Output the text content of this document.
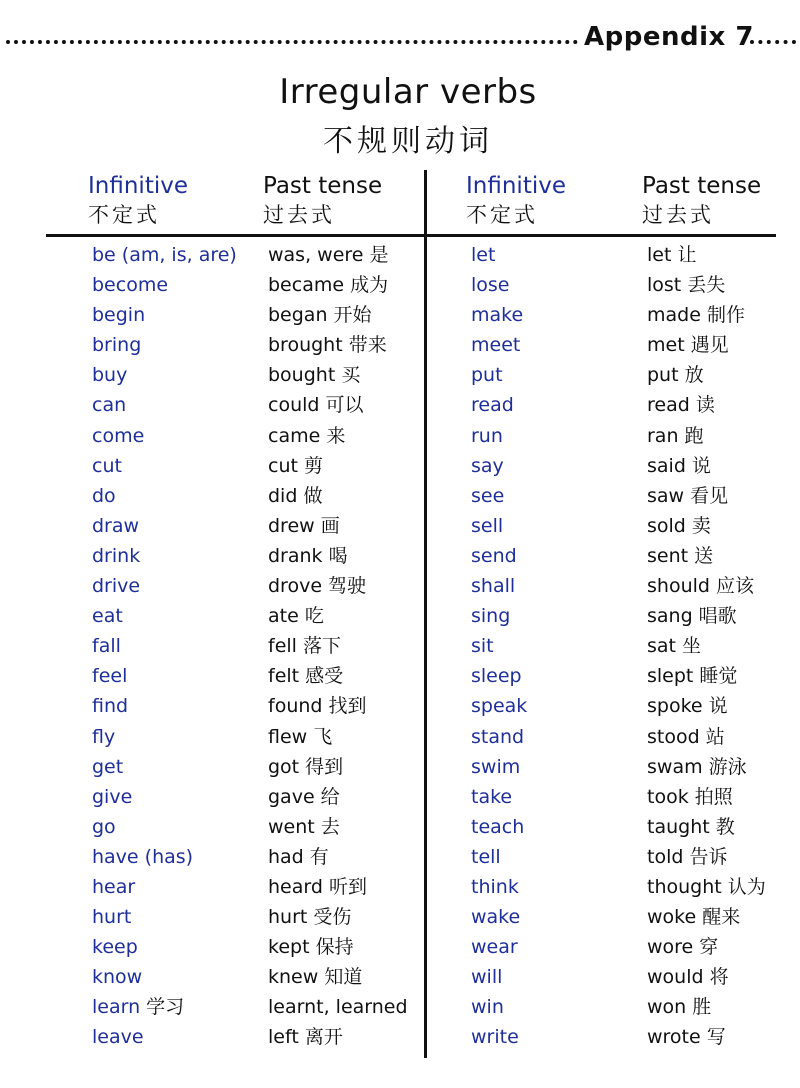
Appendix 7
Irregular verbs
不规则动词
Infinitive
不定式
Past tense
过去式
Infinitive
不定式
Past tense
过去式
be (am, is, are)
become
begin
bring
buy
can
come
cut
do
draw
drink
drive
eat
fall
feel
find
fly
get
give
go
have (has)
hear
hurt
keep
know
learn 学习
leave
was, were 是
became 成为
began 开始
brought 带来
bought 买
could 可以
came 来
cut 剪
did 做
drew 画
drank 喝
drove 驾驶
ate 吃
fell 落下
felt 感受
found 找到
flew 飞
got 得到
gave 给
went 去
had 有
heard 听到
hurt 受伤
kept 保持
knew 知道
learnt, learned
left 离开
let
lose
make
meet
put
read
run
say
see
sell
send
shall
sing
sit
sleep
speak
stand
swim
take
teach
tell
think
wake
wear
will
win
write
let 让
lost 丢失
made 制作
met 遇见
put 放
read 读
ran 跑
said 说
saw 看见
sold 卖
sent 送
should 应该
sang 唱歌
sat 坐
slept 睡觉
spoke 说
stood 站
swam 游泳
took 拍照
taught 教
told 告诉
thought 认为
woke 醒来
wore 穿
would 将
won 胜
wrote 写
